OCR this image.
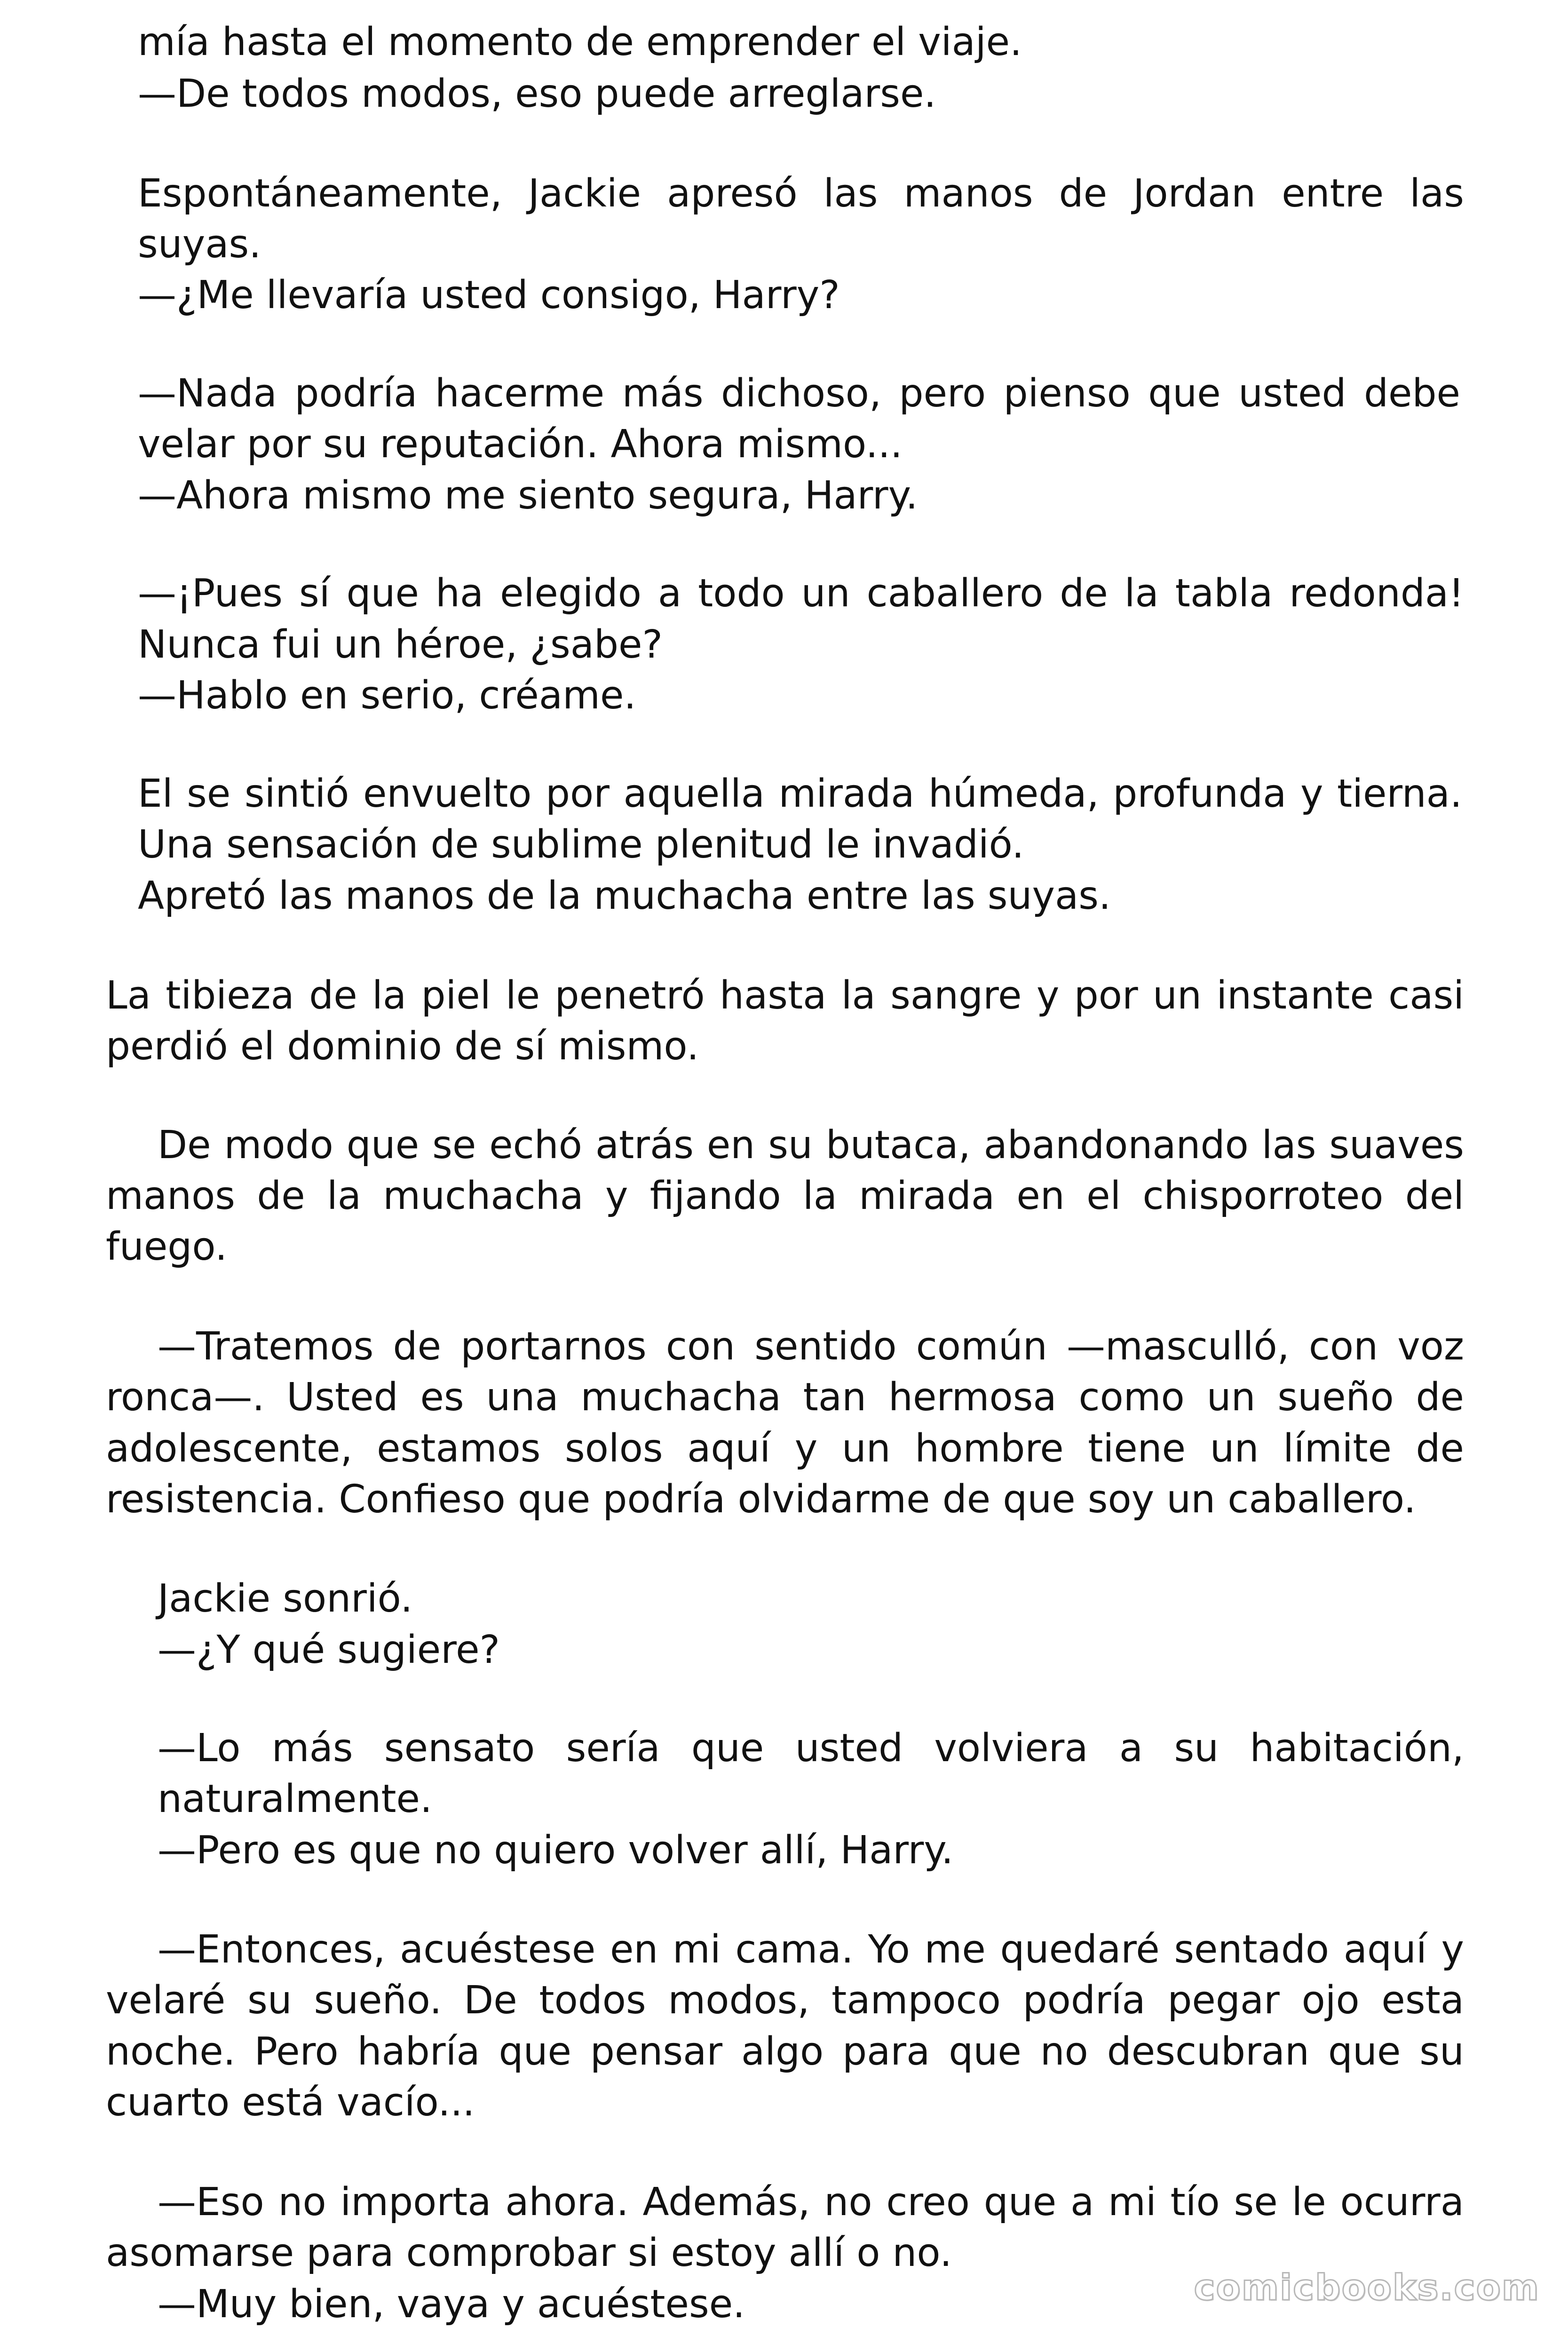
mía hasta el momento de emprender el viaje.

—De todos modos, eso puede arreglarse.

Espontáneamente, Jackie apresó las manos de Jordan entre las

suyas.

—¿Me llevaría usted consigo, Harry?

—Nada podría hacerme más dichoso, pero pienso que usted debe

velar por su reputación. Ahora mismo...

—Ahora mismo me siento segura, Harry.

—¡Pues sí que ha elegido a todo un caballero de la tabla redonda!

Nunca fui un héroe, ¿sabe?

—Hablo en serio, créame.

El se sintió envuelto por aquella mirada húmeda, profunda y tierna.

Una sensación de sublime plenitud le invadió.

Apretó las manos de la muchacha entre las suyas.

La tibieza de la piel le penetró hasta la sangre y por un instante casi

perdió el dominio de sí mismo.

De modo que se echó atrás en su butaca, abandonando las suaves

manos de la muchacha y fijando la mirada en el chisporroteo del

fuego.

—Tratemos de portarnos con sentido común —masculló, con voz

ronca—. Usted es una muchacha tan hermosa como un sueño de

adolescente, estamos solos aquí y un hombre tiene un límite de

resistencia. Confieso que podría olvidarme de que soy un caballero.

Jackie sonrió.

—¿Y qué sugiere?

—Lo más sensato sería que usted volviera a su habitación,

naturalmente.

—Pero es que no quiero volver allí, Harry.

—Entonces, acuéstese en mi cama. Yo me quedaré sentado aquí y

velaré su sueño. De todos modos, tampoco podría pegar ojo esta

noche. Pero habría que pensar algo para que no descubran que su

cuarto está vacío...

—Eso no importa ahora. Además, no creo que a mi tío se le ocurra

asomarse para comprobar si estoy allí o no.

—Muy bien, vaya y acuéstese.	comicbooks.com
